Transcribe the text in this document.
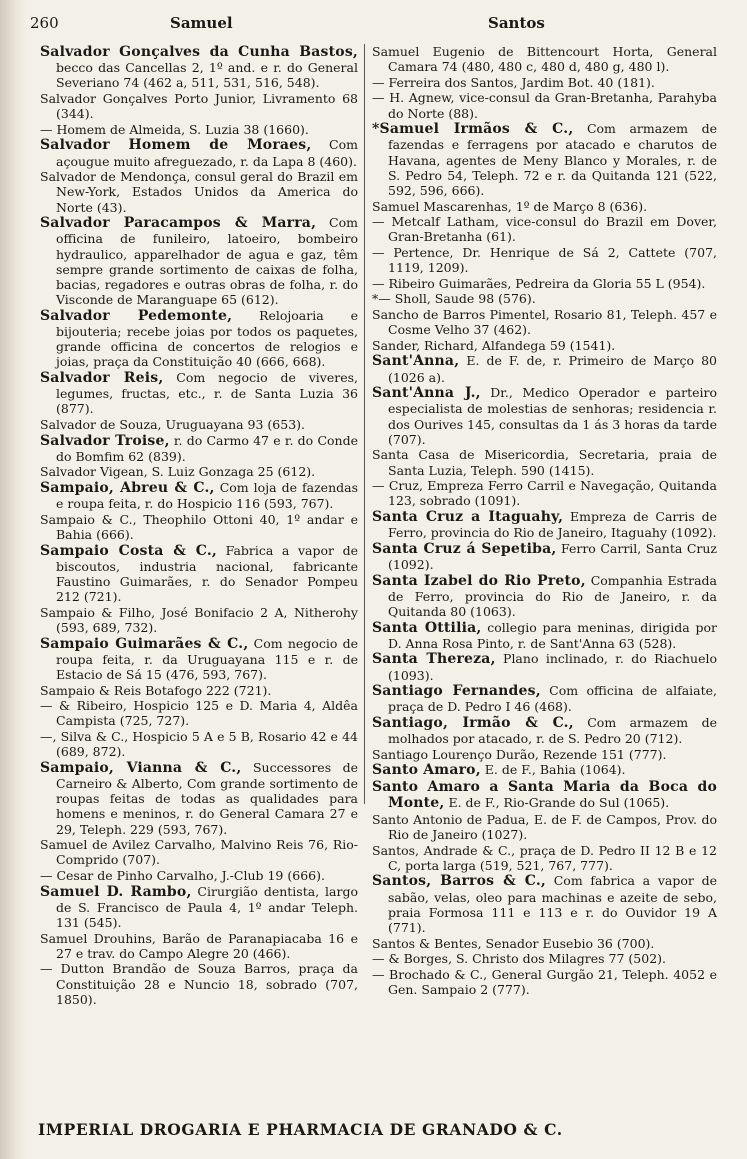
260	Samuel	Santos

Salvador Gonçalves da Cunha Bastos, becco das Cancellas 2, 1º and. e r. do General Severiano 74 (462 a, 511, 531, 516, 548).

Salvador Gonçalves Porto Junior, Livramento 68 (344).

— Homem de Almeida, S. Luzia 38 (1660).

Salvador Homem de Moraes, Com açougue muito afreguezado, r. da Lapa 8 (460).

Salvador de Mendonça, consul geral do Brazil em New-York, Estados Unidos da America do Norte (43).

Salvador Paracampos & Marra, Com officina de funileiro, latoeiro, bombeiro hydraulico, apparelhador de agua e gaz, têm sempre grande sortimento de caixas de folha, bacias, regadores e outras obras de folha, r. do Visconde de Maranguape 65 (612).

Salvador Pedemonte, Relojoaria e bijouteria; recebe joias por todos os paquetes, grande officina de concertos de relogios e joias, praça da Constituição 40 (666, 668).

Salvador Reis, Com negocio de viveres, legumes, fructas, etc., r. de Santa Luzia 36 (877).

Salvador de Souza, Uruguayana 93 (653).

Salvador Troise, r. do Carmo 47 e r. do Conde do Bomfim 62 (839).

Salvador Vigean, S. Luiz Gonzaga 25 (612).

Sampaio, Abreu & C., Com loja de fazendas e roupa feita, r. do Hospicio 116 (593, 767).

Sampaio & C., Theophilo Ottoni 40, 1º andar e Bahia (666).

Sampaio Costa & C., Fabrica a vapor de biscoutos, industria nacional, fabricante Faustino Guimarães, r. do Senador Pompeu 212 (721).

Sampaio & Filho, José Bonifacio 2 A, Nitherohy (593, 689, 732).

Sampaio Guimarães & C., Com negocio de roupa feita, r. da Uruguayana 115 e r. de Estacio de Sá 15 (476, 593, 767).

Sampaio & Reis Botafogo 222 (721).

— & Ribeiro, Hospicio 125 e D. Maria 4, Aldêa Campista (725, 727).

—, Silva & C., Hospicio 5 A e 5 B, Rosario 42 e 44 (689, 872).

Sampaio, Vianna & C., Successores de Carneiro & Alberto, Com grande sortimento de roupas feitas de todas as qualidades para homens e meninos, r. do General Camara 27 e 29, Teleph. 229 (593, 767).

Samuel de Avilez Carvalho, Malvino Reis 76, Rio-Comprido (707).

— Cesar de Pinho Carvalho, J.-Club 19 (666).

Samuel D. Rambo, Cirurgião dentista, largo de S. Francisco de Paula 4, 1º andar Teleph. 131 (545).

Samuel Drouhins, Barão de Paranapiacaba 16 e 27 e trav. do Campo Alegre 20 (466).

— Dutton Brandão de Souza Barros, praça da Constituição 28 e Nuncio 18, sobrado (707, 1850).

Samuel Eugenio de Bittencourt Horta, General Camara 74 (480, 480 c, 480 d, 480 g, 480 l).

— Ferreira dos Santos, Jardim Bot. 40 (181).

— H. Agnew, vice-consul da Gran-Bretanha, Parahyba do Norte (88).

*Samuel Irmãos & C., Com armazem de fazendas e ferragens por atacado e charutos de Havana, agentes de Meny Blanco y Morales, r. de S. Pedro 54, Teleph. 72 e r. da Quitanda 121 (522, 592, 596, 666).

Samuel Mascarenhas, 1º de Março 8 (636).

— Metcalf Latham, vice-consul do Brazil em Dover, Gran-Bretanha (61).

— Pertence, Dr. Henrique de Sá 2, Cattete (707, 1119, 1209).

— Ribeiro Guimarães, Pedreira da Gloria 55 L (954).

*— Sholl, Saude 98 (576).

Sancho de Barros Pimentel, Rosario 81, Teleph. 457 e Cosme Velho 37 (462).

Sander, Richard, Alfandega 59 (1541).

Sant'Anna, E. de F. de, r. Primeiro de Março 80 (1026 a).

Sant'Anna J., Dr., Medico Operador e parteiro especialista de molestias de senhoras; residencia r. dos Ourives 145, consultas da 1 ás 3 horas da tarde (707).

Santa Casa de Misericordia, Secretaria, praia de Santa Luzia, Teleph. 590 (1415).

— Cruz, Empreza Ferro Carril e Navegação, Quitanda 123, sobrado (1091).

Santa Cruz a Itaguahy, Empreza de Carris de Ferro, provincia do Rio de Janeiro, Itaguahy (1092).

Santa Cruz á Sepetiba, Ferro Carril, Santa Cruz (1092).

Santa Izabel do Rio Preto, Companhia Estrada de Ferro, provincia do Rio de Janeiro, r. da Quitanda 80 (1063).

Santa Ottilia, collegio para meninas, dirigida por D. Anna Rosa Pinto, r. de Sant'Anna 63 (528).

Santa Thereza, Plano inclinado, r. do Riachuelo (1093).

Santiago Fernandes, Com officina de alfaiate, praça de D. Pedro I 46 (468).

Santiago, Irmão & C., Com armazem de molhados por atacado, r. de S. Pedro 20 (712).

Santiago Lourenço Durão, Rezende 151 (777).

Santo Amaro, E. de F., Bahia (1064).

Santo Amaro a Santa Maria da Boca do Monte, E. de F., Rio-Grande do Sul (1065).

Santo Antonio de Padua, E. de F. de Campos, Prov. do Rio de Janeiro (1027).

Santos, Andrade & C., praça de D. Pedro II 12 B e 12 C, porta larga (519, 521, 767, 777).

Santos, Barros & C., Com fabrica a vapor de sabão, velas, oleo para machinas e azeite de sebo, praia Formosa 111 e 113 e r. do Ouvidor 19 A (771).

Santos & Bentes, Senador Eusebio 36 (700).

— & Borges, S. Christo dos Milagres 77 (502).

— Brochado & C., General Gurgão 21, Teleph. 4052 e Gen. Sampaio 2 (777).

IMPERIAL DROGARIA E PHARMACIA DE GRANADO & C.
